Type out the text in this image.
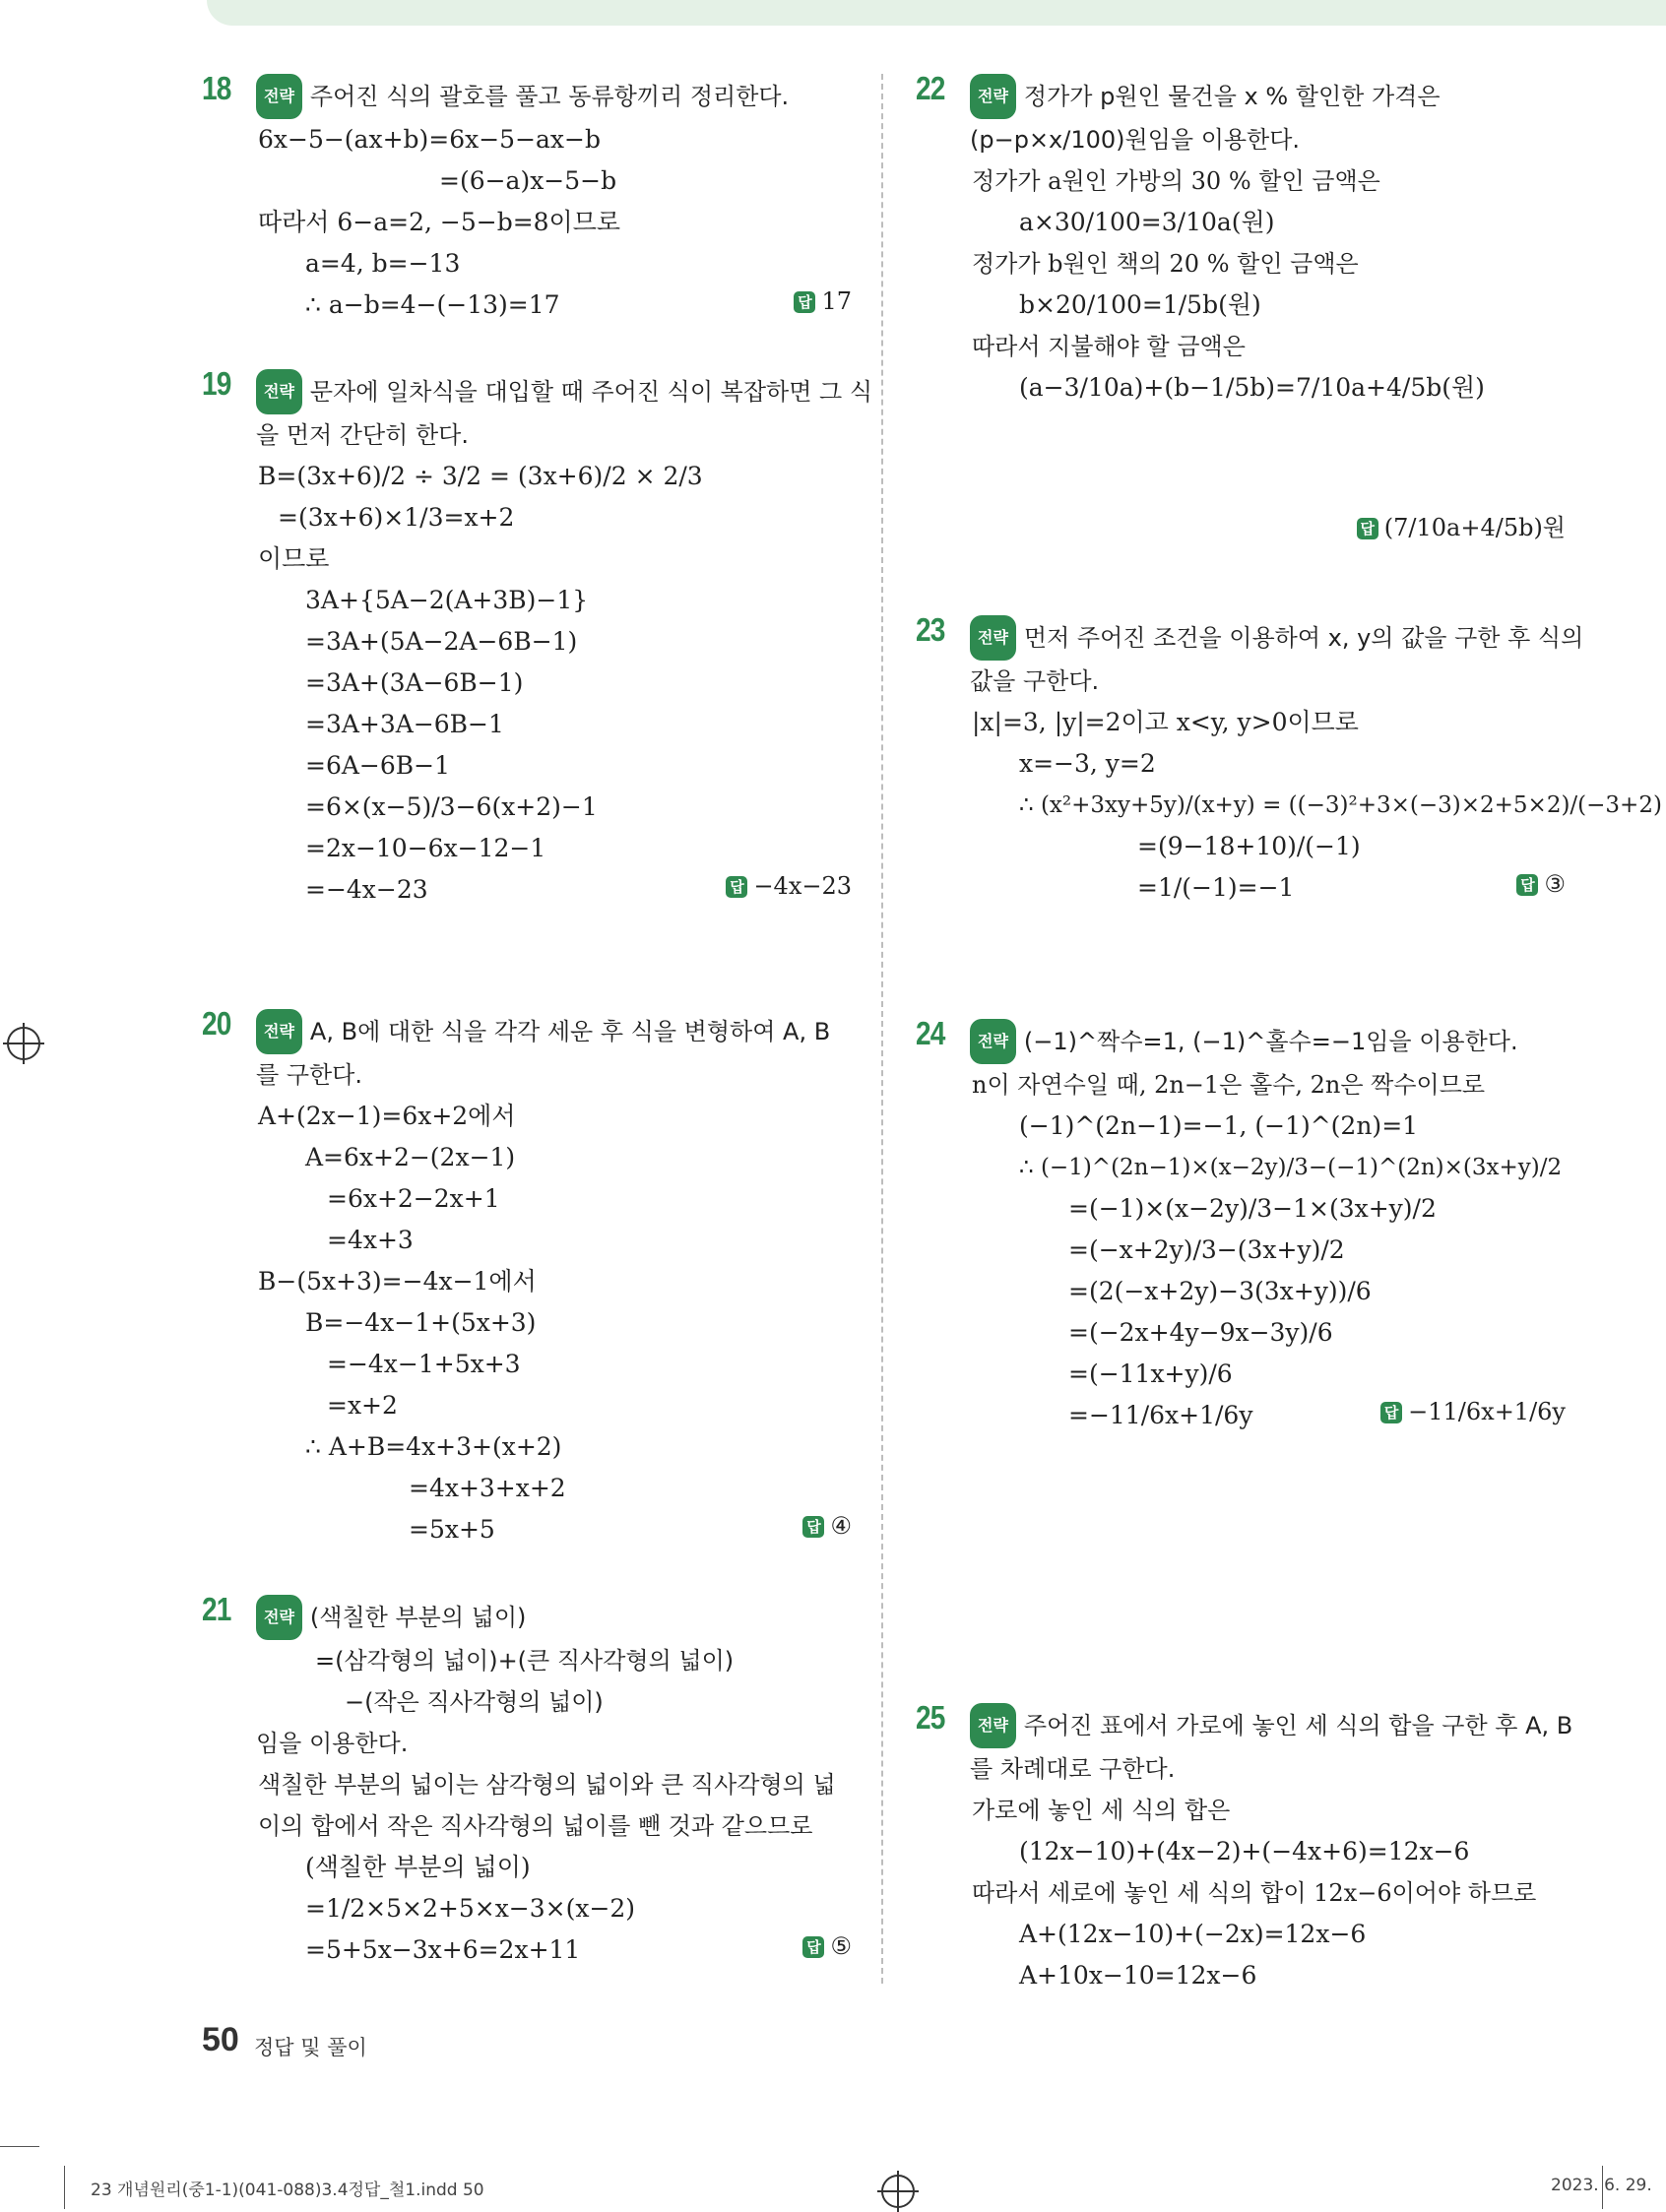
18	전략 주어진 식의 괄호를 풀고 동류항끼리 정리한다.
6x−5−(ax+b)=6x−5−ax−b
=(6−a)x−5−b
따라서 6−a=2, −5−b=8이므로
a=4, b=−13
∴ a−b=4−(−13)=17	답 17
19	전략 문자에 일차식을 대입할 때 주어진 식이 복잡하면 그 식
을 먼저 간단히 한다.
B=(3x+6)/2 ÷ 3/2 = (3x+6)/2 × 2/3
=(3x+6)×1/3=x+2
이므로
3A+{5A−2(A+3B)−1}
=3A+(5A−2A−6B−1)
=3A+(3A−6B−1)
=3A+3A−6B−1
=6A−6B−1
=6×(x−5)/3−6(x+2)−1
=2x−10−6x−12−1
=−4x−23	답 −4x−23
20	전략 A, B에 대한 식을 각각 세운 후 식을 변형하여 A, B
를 구한다.
A+(2x−1)=6x+2에서
A=6x+2−(2x−1)
=6x+2−2x+1
=4x+3
B−(5x+3)=−4x−1에서
B=−4x−1+(5x+3)
=−4x−1+5x+3
=x+2
∴ A+B=4x+3+(x+2)
=4x+3+x+2
=5x+5	답 ④
21	전략 (색칠한 부분의 넓이)
=(삼각형의 넓이)+(큰 직사각형의 넓이)
−(작은 직사각형의 넓이)
임을 이용한다.
색칠한 부분의 넓이는 삼각형의 넓이와 큰 직사각형의 넓
이의 합에서 작은 직사각형의 넓이를 뺀 것과 같으므로
(색칠한 부분의 넓이)
=1/2×5×2+5×x−3×(x−2)
=5+5x−3x+6=2x+11	답 ⑤
22	전략 정가가 p원인 물건을 x % 할인한 가격은
(p−p×x/100)원임을 이용한다.
정가가 a원인 가방의 30 % 할인 금액은
a×30/100=3/10a(원)
정가가 b원인 책의 20 % 할인 금액은
b×20/100=1/5b(원)
따라서 지불해야 할 금액은
(a−3/10a)+(b−1/5b)=7/10a+4/5b(원)
답 (7/10a+4/5b)원
23	전략 먼저 주어진 조건을 이용하여 x, y의 값을 구한 후 식의
값을 구한다.
|x|=3, |y|=2이고 x<y, y>0이므로
x=−3, y=2
∴ (x²+3xy+5y)/(x+y) = ((−3)²+3×(−3)×2+5×2)/(−3+2)
=(9−18+10)/(−1)
=1/(−1)=−1	답 ③
24	전략 (−1)^짝수=1, (−1)^홀수=−1임을 이용한다.
n이 자연수일 때, 2n−1은 홀수, 2n은 짝수이므로
(−1)^(2n−1)=−1, (−1)^(2n)=1
∴ (−1)^(2n−1)×(x−2y)/3−(−1)^(2n)×(3x+y)/2
=(−1)×(x−2y)/3−1×(3x+y)/2
=(−x+2y)/3−(3x+y)/2
=(2(−x+2y)−3(3x+y))/6
=(−2x+4y−9x−3y)/6
=(−11x+y)/6
=−11/6x+1/6y	답 −11/6x+1/6y
25	전략 주어진 표에서 가로에 놓인 세 식의 합을 구한 후 A, B
를 차례대로 구한다.
가로에 놓인 세 식의 합은
(12x−10)+(4x−2)+(−4x+6)=12x−6
따라서 세로에 놓인 세 식의 합이 12x−6이어야 하므로
A+(12x−10)+(−2x)=12x−6
A+10x−10=12x−6
50 정답 및 풀이
23 개념원리(중1-1)(041-088)3.4정답_철1.indd 50	2023. 6. 29.
